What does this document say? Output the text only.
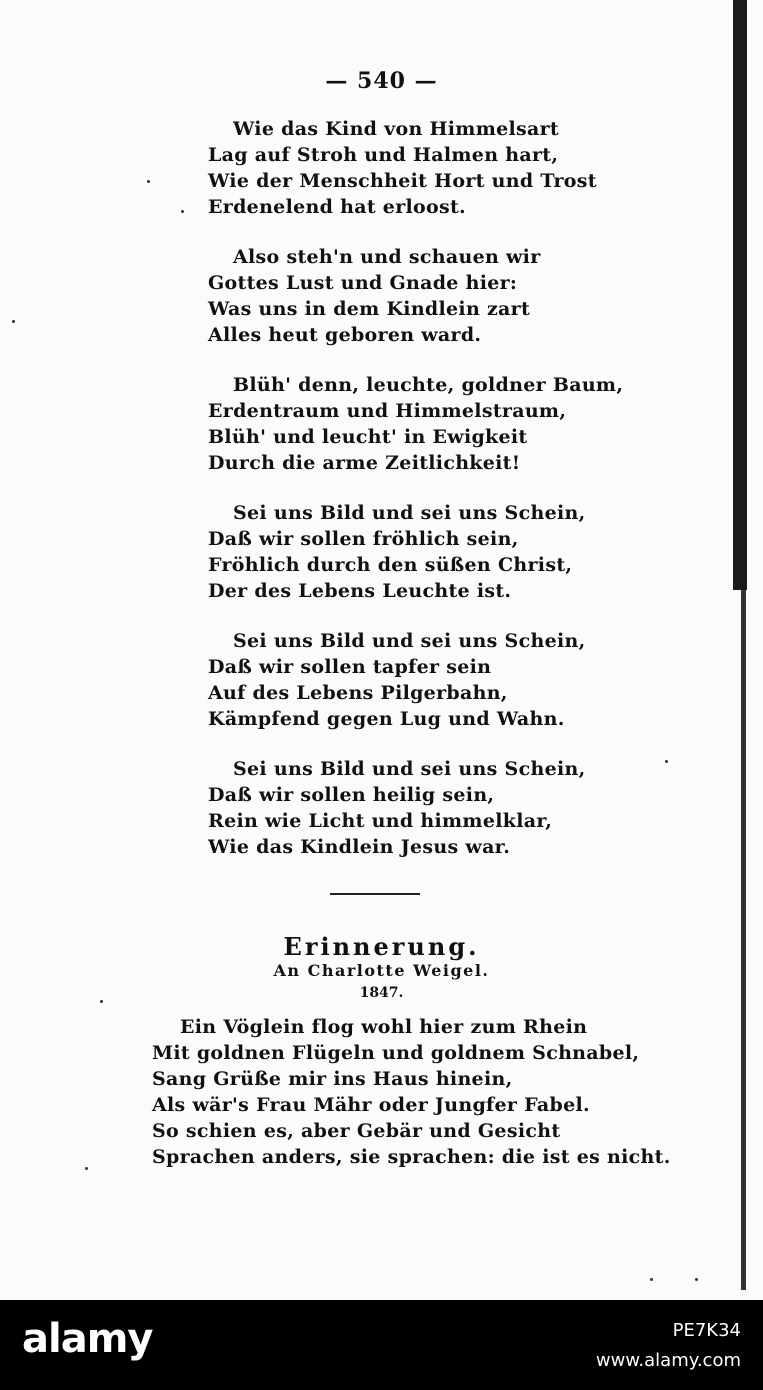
— 540 —
Wie das Kind von Himmelsart
Lag auf Stroh und Halmen hart,
Wie der Menschheit Hort und Trost
Erdenelend hat erloost.
Also steh'n und schauen wir
Gottes Lust und Gnade hier:
Was uns in dem Kindlein zart
Alles heut geboren ward.
Blüh' denn, leuchte, goldner Baum,
Erdentraum und Himmelstraum,
Blüh' und leucht' in Ewigkeit
Durch die arme Zeitlichkeit!
Sei uns Bild und sei uns Schein,
Daß wir sollen fröhlich sein,
Fröhlich durch den süßen Christ,
Der des Lebens Leuchte ist.
Sei uns Bild und sei uns Schein,
Daß wir sollen tapfer sein
Auf des Lebens Pilgerbahn,
Kämpfend gegen Lug und Wahn.
Sei uns Bild und sei uns Schein,
Daß wir sollen heilig sein,
Rein wie Licht und himmelklar,
Wie das Kindlein Jesus war.
Erinnerung.
An Charlotte Weigel.
1847.
Ein Vöglein flog wohl hier zum Rhein
Mit goldnen Flügeln und goldnem Schnabel,
Sang Grüße mir ins Haus hinein,
Als wär's Frau Mähr oder Jungfer Fabel.
So schien es, aber Gebär und Gesicht
Sprachen anders, sie sprachen: die ist es nicht.
alamy	PE7K34
www.alamy.com
